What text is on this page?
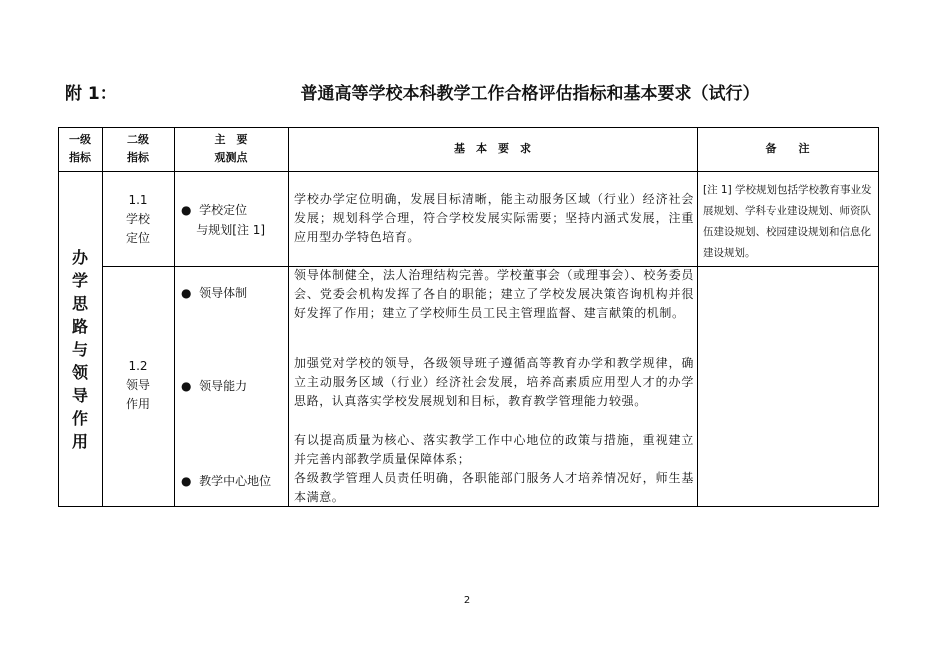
附 1：	普通高等学校本科教学工作合格评估指标和基本要求（试行）
一级
指标
二级
指标
主　要
观测点
基　本　要　求	备　　注
办
学
思
路
与
领
导
作
用
1.1
学校
定位
●  学校定位
与规划[注 1]
学校办学定位明确，发展目标清晰，能主动服务区域（行业）经济社会发展；规划科学合理，符合学校发展实际需要；坚持内涵式发展，注重应用型办学特色培育。
[注 1] 学校规划包括学校教育事业发展规划、学科专业建设规划、师资队伍建设规划、校园建设规划和信息化建设规划。
1.2
领导
作用
●  领导体制
●  领导能力
●  教学中心地位
领导体制健全，法人治理结构完善。学校董事会（或理事会）、校务委员会、党委会机构发挥了各自的职能；建立了学校发展决策咨询机构并很好发挥了作用；建立了学校师生员工民主管理监督、建言献策的机制。
加强党对学校的领导，各级领导班子遵循高等教育办学和教学规律，确立主动服务区域（行业）经济社会发展，培养高素质应用型人才的办学思路，认真落实学校发展规划和目标，教育教学管理能力较强。
有以提高质量为核心、落实教学工作中心地位的政策与措施，重视建立并完善内部教学质量保障体系；
各级教学管理人员责任明确，各职能部门服务人才培养情况好，师生基本满意。
2
